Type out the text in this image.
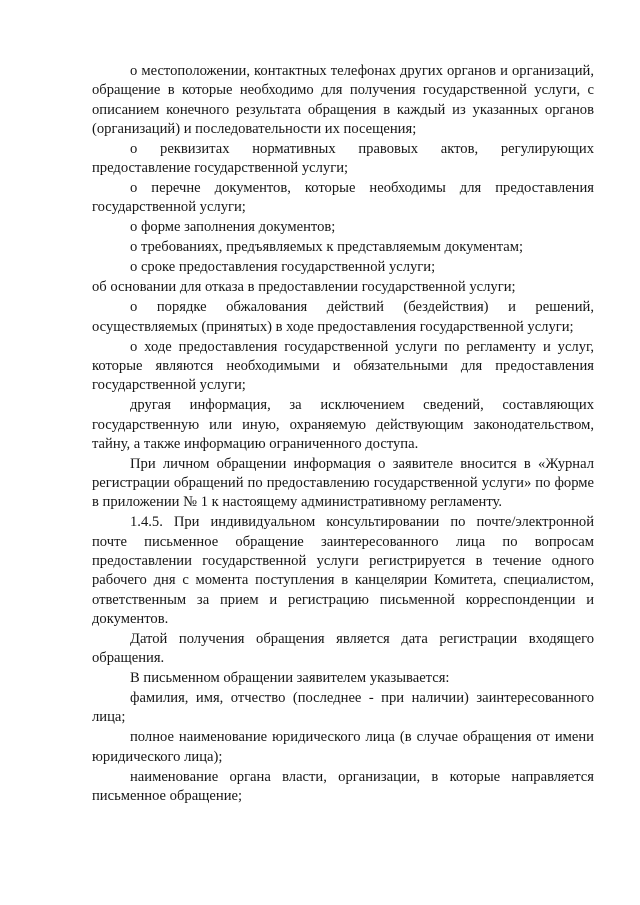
о местоположении, контактных телефонах других органов и организаций, обращение в которые необходимо для получения государственной услуги, с описанием конечного результата обращения в каждый из указанных органов (организаций) и последовательности их посещения;

о реквизитах нормативных правовых актов, регулирующих предоставление государственной услуги;

о перечне документов, которые необходимы для предоставления государственной услуги;

о форме заполнения документов;

о требованиях, предъявляемых к представляемым документам;

о сроке предоставления государственной услуги;

об основании для отказа в предоставлении государственной услуги;

о порядке обжалования действий (бездействия) и решений, осуществляемых (принятых) в ходе предоставления государственной услуги;

о ходе предоставления государственной услуги по регламенту и услуг, которые являются необходимыми и обязательными для предоставления государственной услуги;

другая информация, за исключением сведений, составляющих государственную или иную, охраняемую действующим законодательством, тайну, а также информацию ограниченного доступа.

При личном обращении информация о заявителе вносится в «Журнал регистрации обращений по предоставлению государственной услуги» по форме в приложении № 1 к настоящему административному регламенту.

1.4.5. При индивидуальном консультировании по почте/электронной почте письменное обращение заинтересованного лица по вопросам предоставлении государственной услуги регистрируется в течение одного рабочего дня с момента поступления в канцелярии Комитета, специалистом, ответственным за прием и регистрацию письменной корреспонденции и документов.

Датой получения обращения является дата регистрации входящего обращения.

В письменном обращении заявителем указывается:

фамилия, имя, отчество (последнее - при наличии) заинтересованного лица;

полное наименование юридического лица (в случае обращения от имени юридического лица);

наименование органа власти, организации, в которые направляется письменное обращение;
